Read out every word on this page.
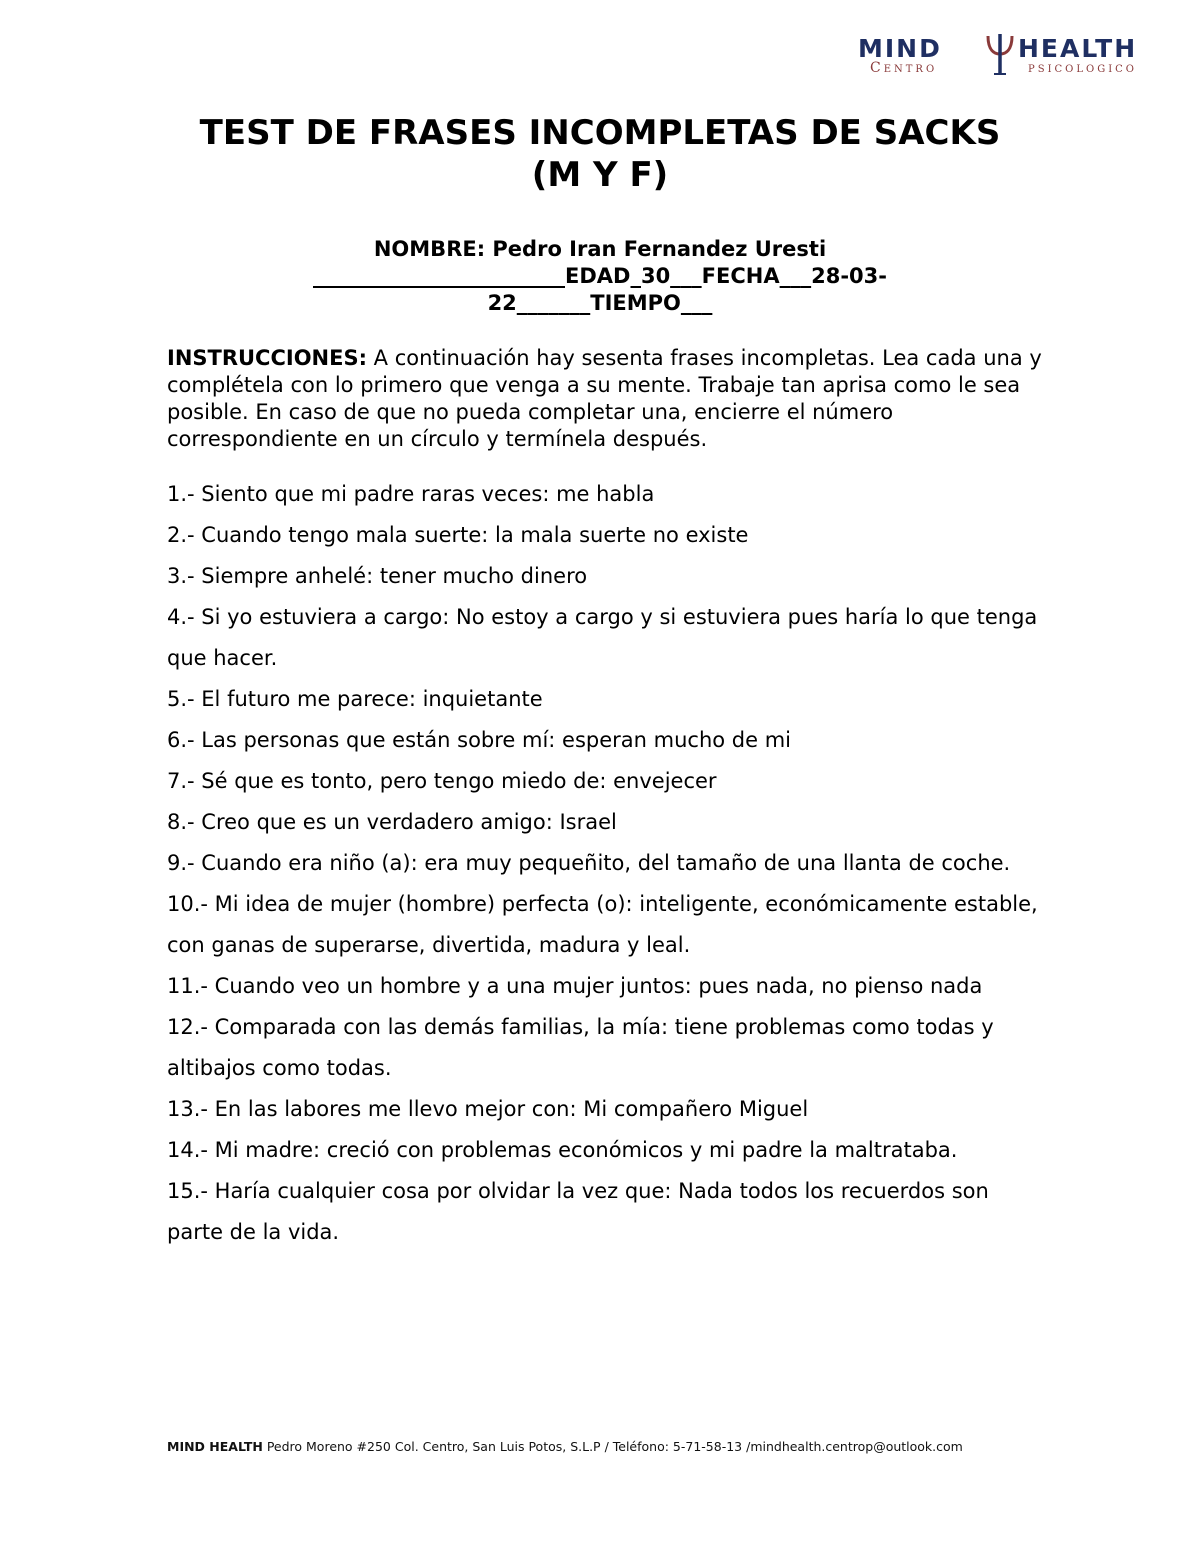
MIND	HEALTH
Centro	psicologico
TEST DE FRASES INCOMPLETAS DE SACKS
(M Y F)
NOMBRE: Pedro Iran Fernandez Uresti
________________________EDAD_30___FECHA___28-03-
22_______TIEMPO___
INSTRUCCIONES: A continuación hay sesenta frases incompletas. Lea cada una y complétela con lo primero que venga a su mente. Trabaje tan aprisa como le sea posible. En caso de que no pueda completar una, encierre el número correspondiente en un círculo y termínela después.
1.- Siento que mi padre raras veces: me habla
2.- Cuando tengo mala suerte: la mala suerte no existe
3.- Siempre anhelé: tener mucho dinero
4.- Si yo estuviera a cargo: No estoy a cargo y si estuviera pues haría lo que tenga que hacer.
5.- El futuro me parece: inquietante
6.- Las personas que están sobre mí: esperan mucho de mi
7.- Sé que es tonto, pero tengo miedo de: envejecer
8.- Creo que es un verdadero amigo: Israel
9.- Cuando era niño (a): era muy pequeñito, del tamaño de una llanta de coche.
10.- Mi idea de mujer (hombre) perfecta (o): inteligente, económicamente estable, con ganas de superarse, divertida, madura y leal.
11.- Cuando veo un hombre y a una mujer juntos: pues nada, no pienso nada
12.- Comparada con las demás familias, la mía: tiene problemas como todas y altibajos como todas.
13.- En las labores me llevo mejor con: Mi compañero Miguel
14.- Mi madre: creció con problemas económicos y mi padre la maltrataba.
15.- Haría cualquier cosa por olvidar la vez que: Nada todos los recuerdos son parte de la vida.
MIND HEALTH Pedro Moreno #250 Col. Centro, San Luis Potos, S.L.P / Teléfono: 5-71-58-13 /mindhealth.centrop@outlook.com
